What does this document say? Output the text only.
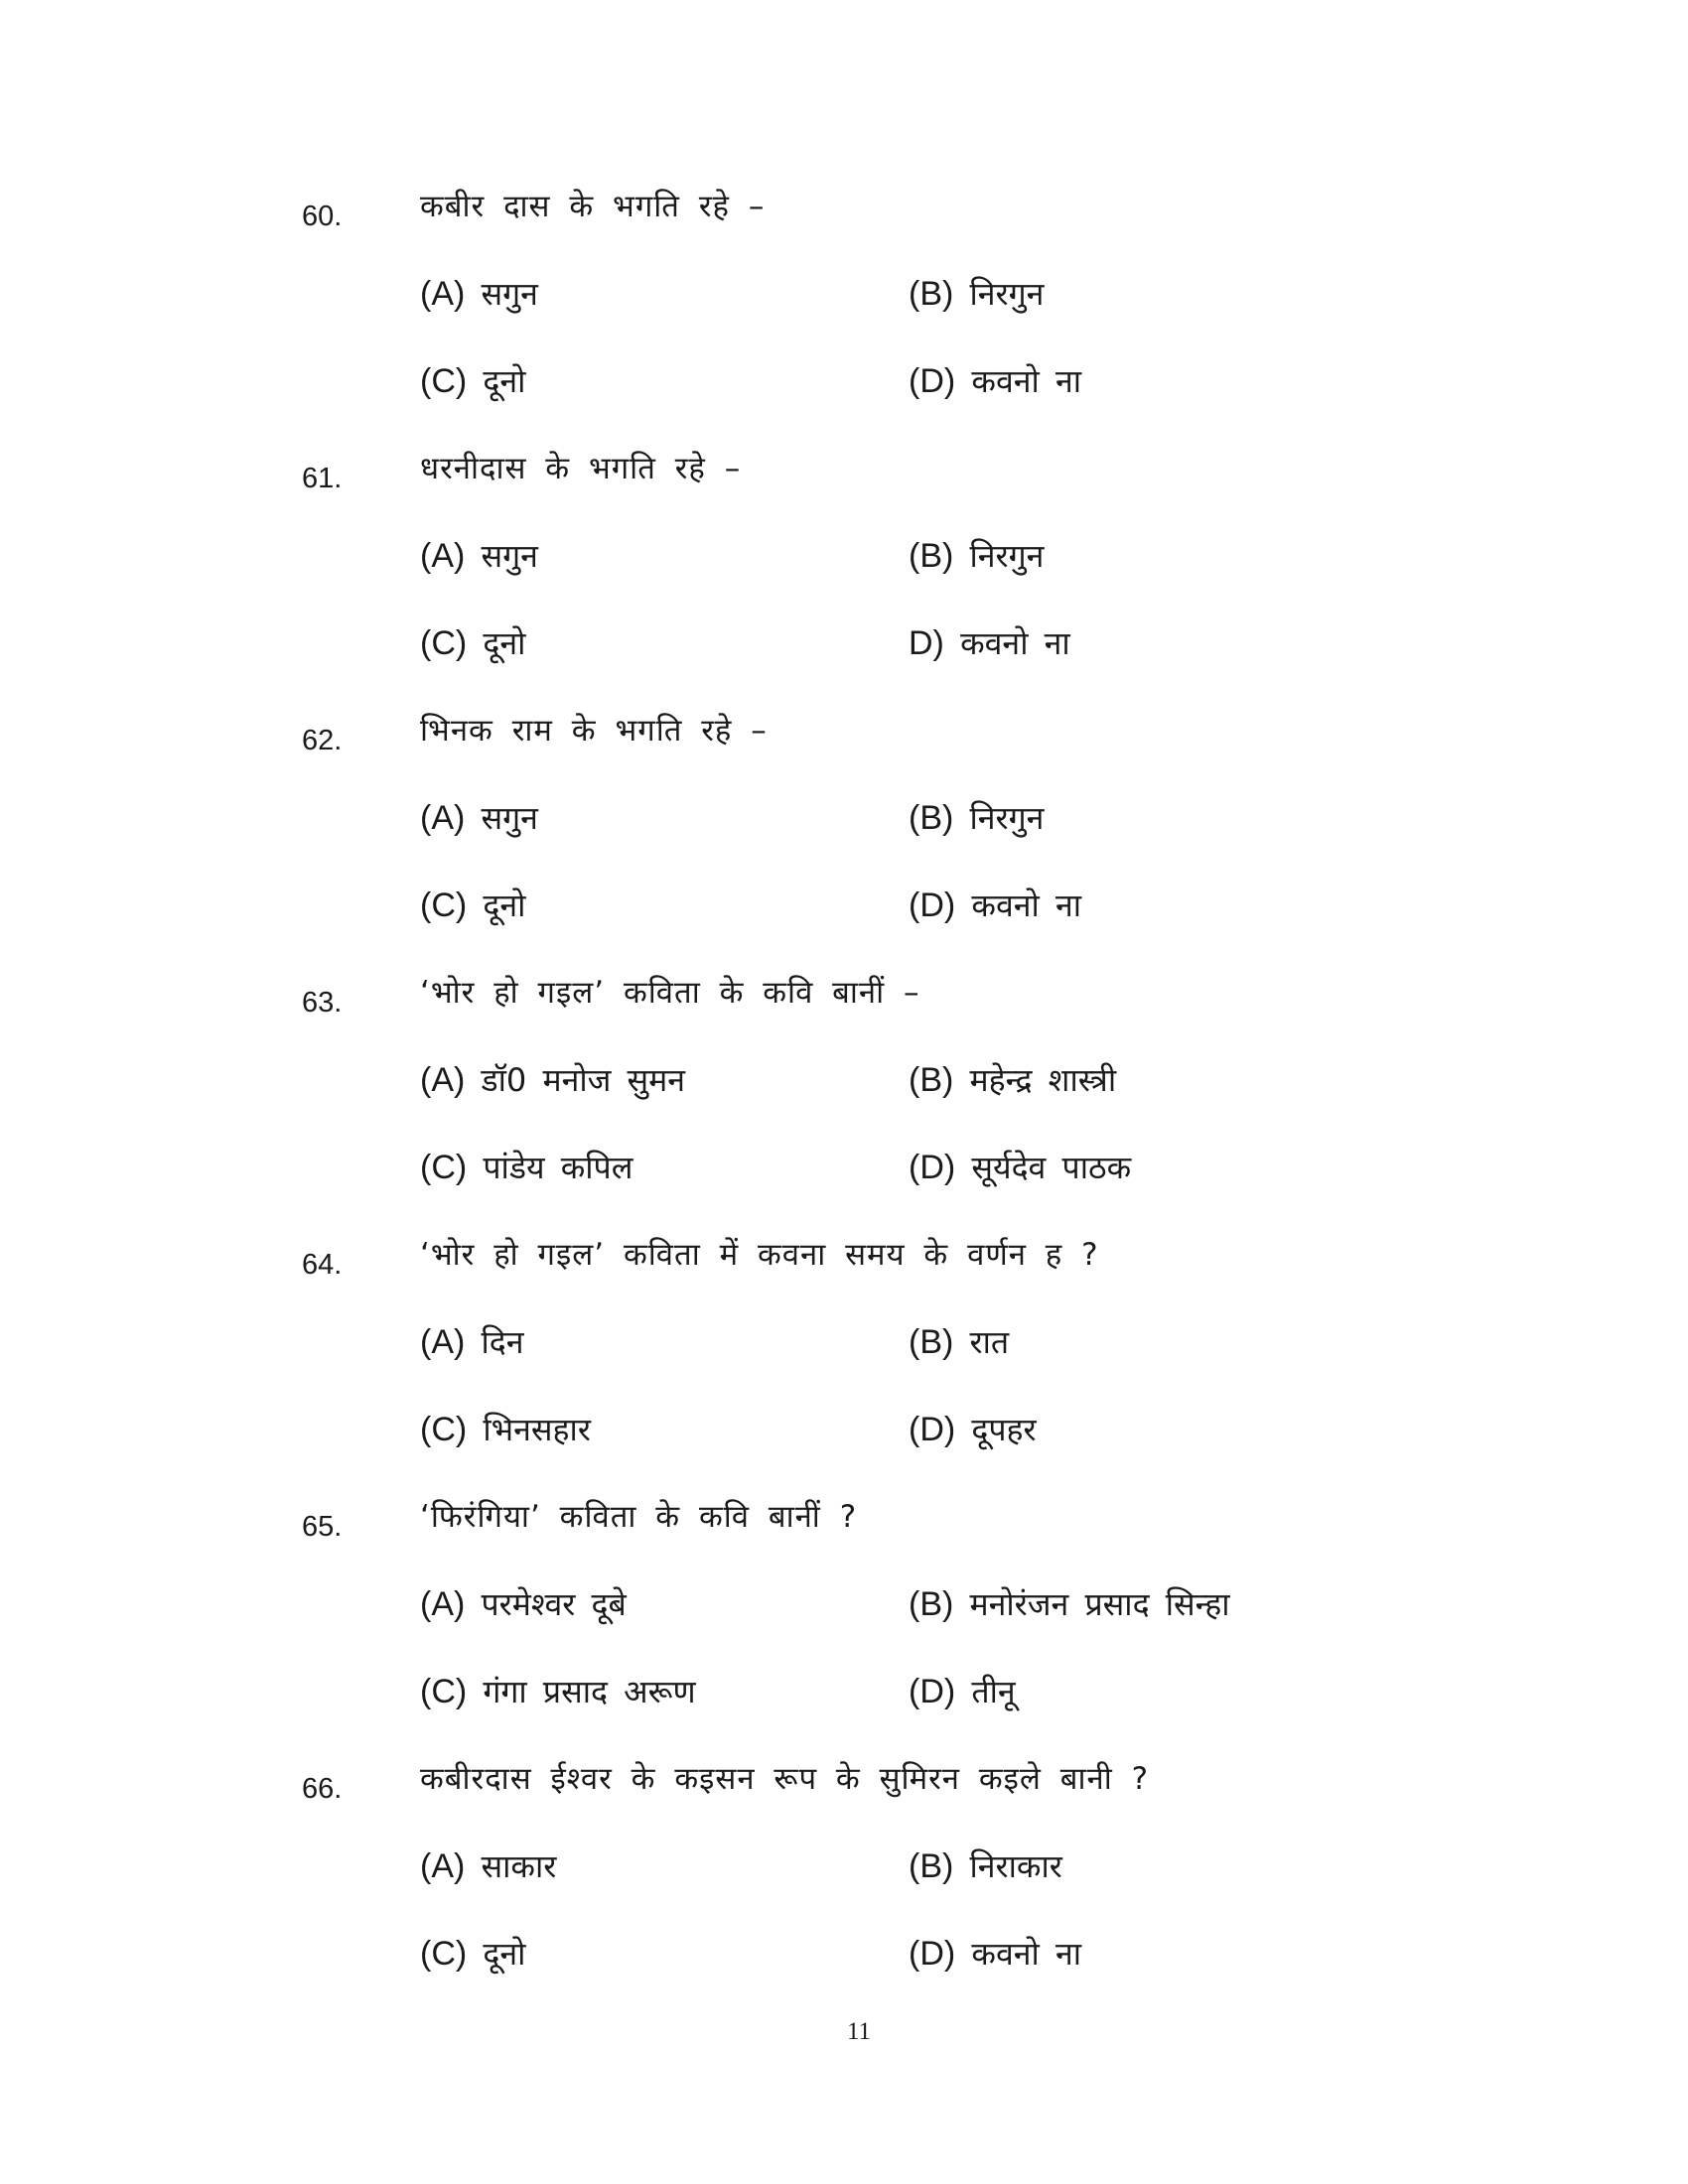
60.	कबीर दास के भगति रहे –
(A) सगुन	(B) निरगुन
(C) दूनो	(D) कवनो ना
61.	धरनीदास के भगति रहे –
(A) सगुन	(B) निरगुन
(C) दूनो	D) कवनो ना
62.	भिनक राम के भगति रहे –
(A) सगुन	(B) निरगुन
(C) दूनो	(D) कवनो ना
63.	‘भोर हो गइल’ कविता के कवि बानीं –
(A) डॉ0 मनोज सुमन	(B) महेन्द्र शास्त्री
(C) पांडेय कपिल	(D) सूर्यदेव पाठक
64.	‘भोर हो गइल’ कविता में कवना समय के वर्णन ह ?
(A) दिन	(B) रात
(C) भिनसहार	(D) दूपहर
65.	‘फिरंगिया’ कविता के कवि बानीं ?
(A) परमेश्वर दूबे	(B) मनोरंजन प्रसाद सिन्हा
(C) गंगा प्रसाद अरूण	(D) तीनू
66.	कबीरदास ईश्वर के कइसन रूप के सुमिरन कइले बानी ?
(A) साकार	(B) निराकार
(C) दूनो	(D) कवनो ना
11
